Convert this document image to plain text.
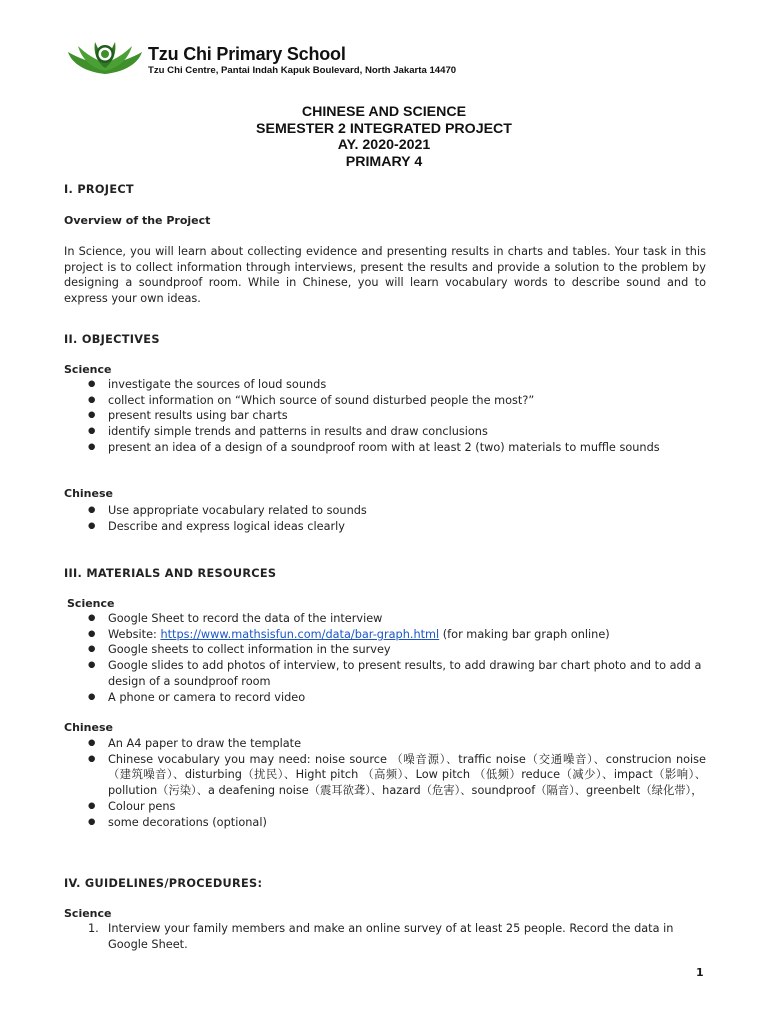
Tzu Chi Primary School
Tzu Chi Centre, Pantai Indah Kapuk Boulevard, North Jakarta 14470
CHINESE AND SCIENCE
SEMESTER 2 INTEGRATED PROJECT
AY. 2020-2021
PRIMARY 4
I. PROJECT
Overview of the Project
In Science, you will learn about collecting evidence and presenting results in charts and tables. Your task in this project is to collect information through interviews, present the results and provide a solution to the problem by designing a soundproof room. While in Chinese, you will learn vocabulary words to describe sound and to express your own ideas.
II. OBJECTIVES
Science
● investigate the sources of loud sounds
● collect information on “Which source of sound disturbed people the most?”
● present results using bar charts
● identify simple trends and patterns in results and draw conclusions
● present an idea of a design of a soundproof room with at least 2 (two) materials to muffle sounds
Chinese
● Use appropriate vocabulary related to sounds
● Describe and express logical ideas clearly
III. MATERIALS AND RESOURCES
Science
● Google Sheet to record the data of the interview
● Website: https://www.mathsisfun.com/data/bar-graph.html (for making bar graph online)
● Google sheets to collect information in the survey
● Google slides to add photos of interview, to present results, to add drawing bar chart photo and to add a design of a soundproof room
● A phone or camera to record video
Chinese
● An A4 paper to draw the template
● Chinese vocabulary you may need: noise source （噪音源）、traffic noise（交通噪音）、construcion noise（建筑噪音）、disturbing（扰民）、Hight pitch （高频）、Low pitch （低频）reduce（减少）、impact（影响）、pollution（污染）、a deafening noise（震耳欲聋）、hazard（危害）、soundproof（隔音）、greenbelt（绿化带），
● Colour pens
● some decorations (optional)
IV. GUIDELINES/PROCEDURES:
Science
1. Interview your family members and make an online survey of at least 25 people. Record the data in Google Sheet.
1
